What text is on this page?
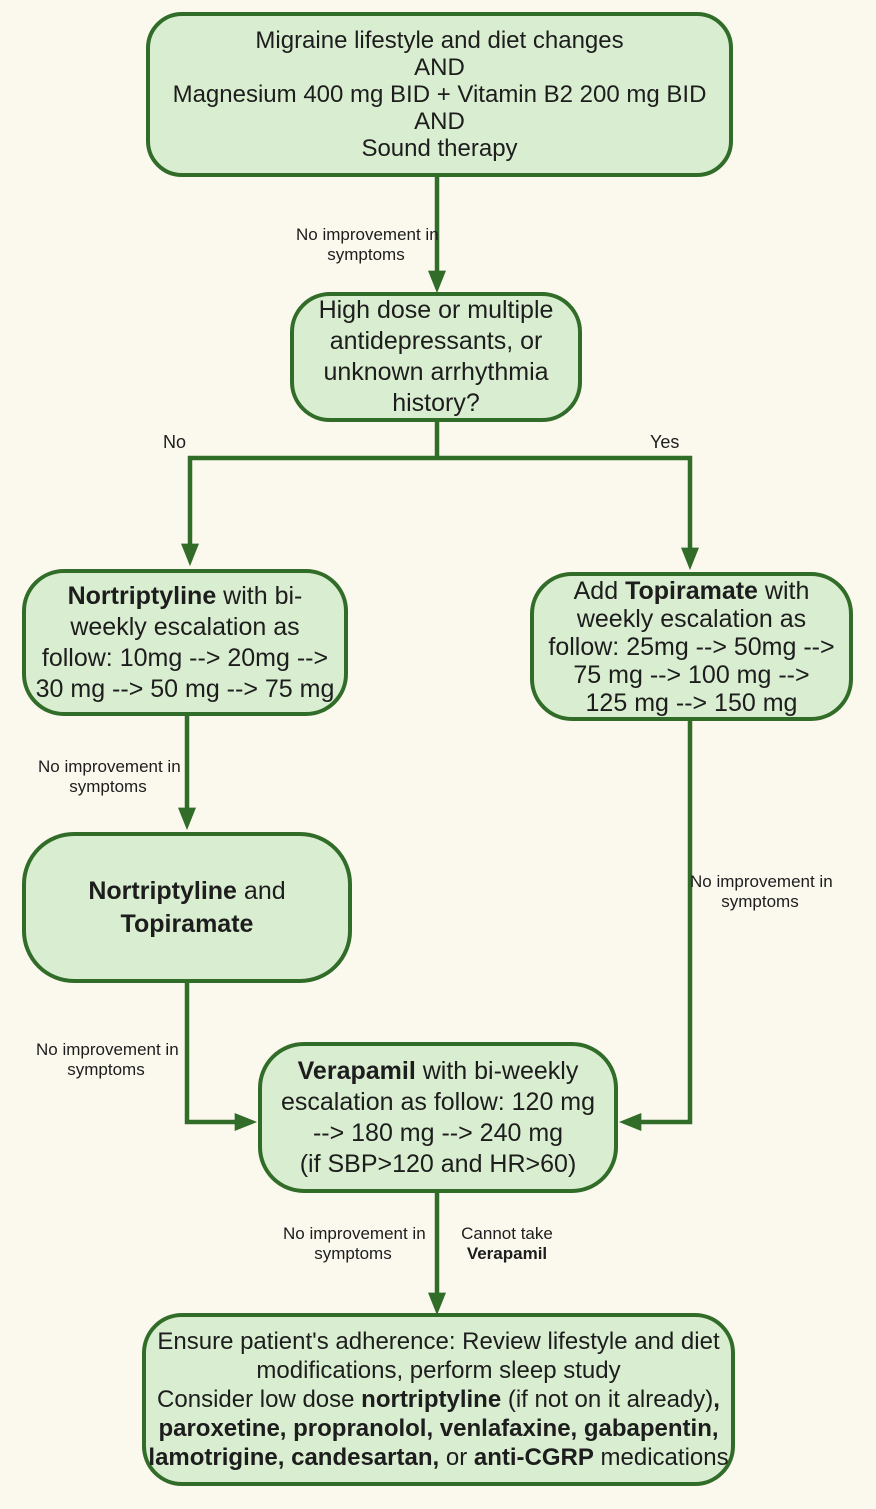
Migraine lifestyle and diet changes
AND
Magnesium 400 mg BID + Vitamin B2 200 mg BID
AND
Sound therapy
No improvement in
symptoms
High dose or multiple
antidepressants, or
unknown arrhythmia
history?
No	Yes
Nortriptyline with bi-
weekly escalation as
follow: 10mg --> 20mg -->
30 mg --> 50 mg --> 75 mg
Add Topiramate with
weekly escalation as
follow: 25mg --> 50mg -->
75 mg --> 100 mg -->
125 mg --> 150 mg
No improvement in
symptoms
Nortriptyline and
Topiramate
No improvement in
symptoms
No improvement in
symptoms
Verapamil with bi-weekly
escalation as follow: 120 mg
--> 180 mg --> 240 mg
(if SBP>120 and HR>60)
No improvement in
symptoms
Cannot take
Verapamil
Ensure patient's adherence: Review lifestyle and diet
modifications, perform sleep study
Consider low dose nortriptyline (if not on it already),
paroxetine, propranolol, venlafaxine, gabapentin,
lamotrigine, candesartan, or anti-CGRP medications
